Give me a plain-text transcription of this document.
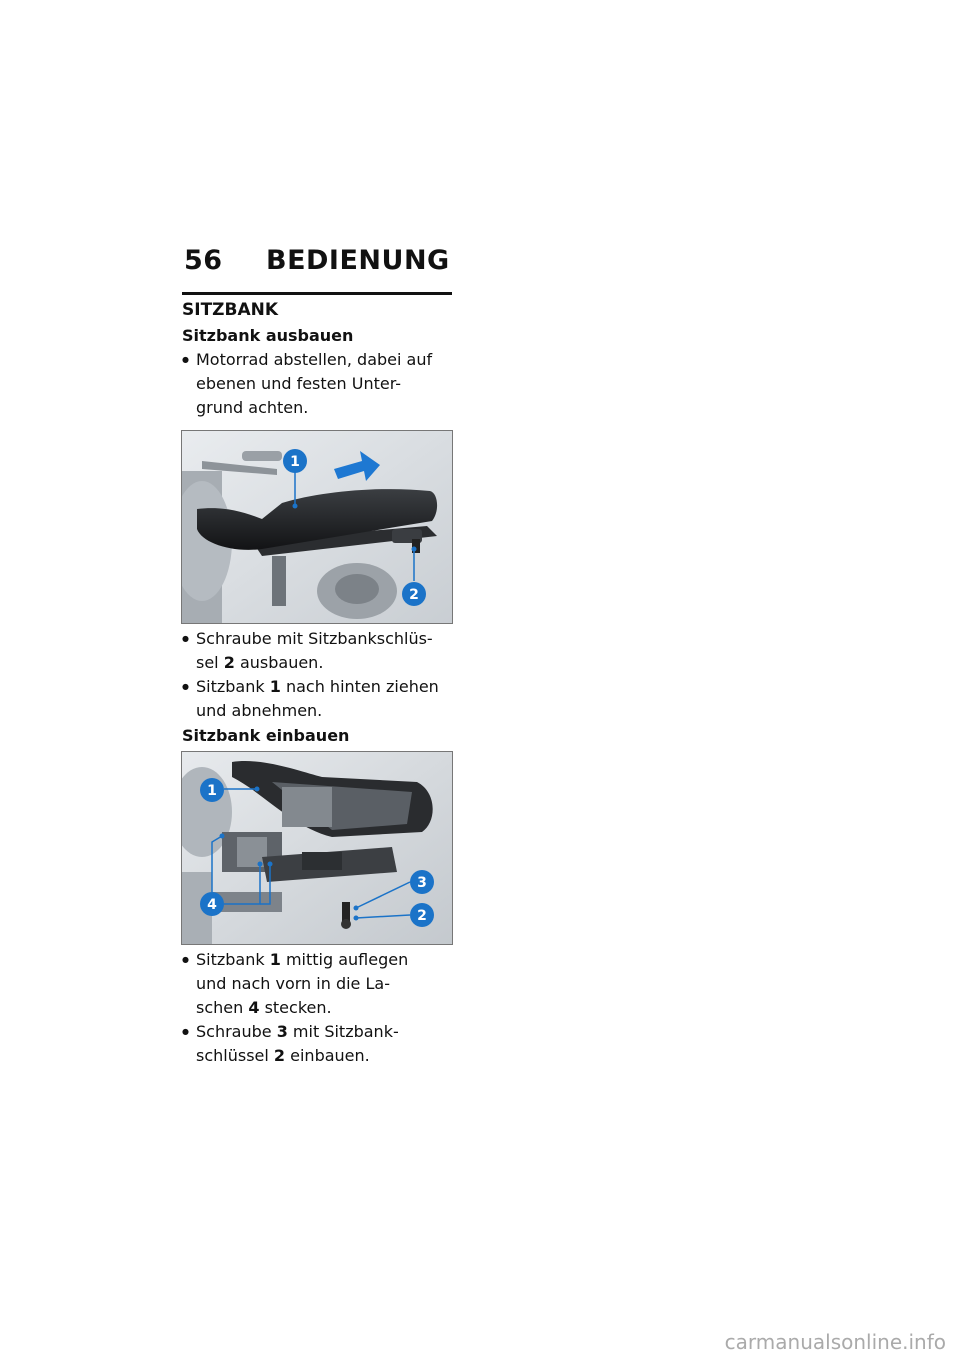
56 BEDIENUNG
SITZBANK
Sitzbank ausbauen
● Motorrad abstellen, dabei auf
ebenen und festen Unter-
grund achten.
1
2
● Schraube mit Sitzbankschlüs-
sel 2 ausbauen.
● Sitzbank 1 nach hinten ziehen
und abnehmen.
Sitzbank einbauen
1
4
3
2
● Sitzbank 1 mittig auflegen
und nach vorn in die La-
schen 4 stecken.
● Schraube 3 mit Sitzbank-
schlüssel 2 einbauen.
carmanualsonline.info
